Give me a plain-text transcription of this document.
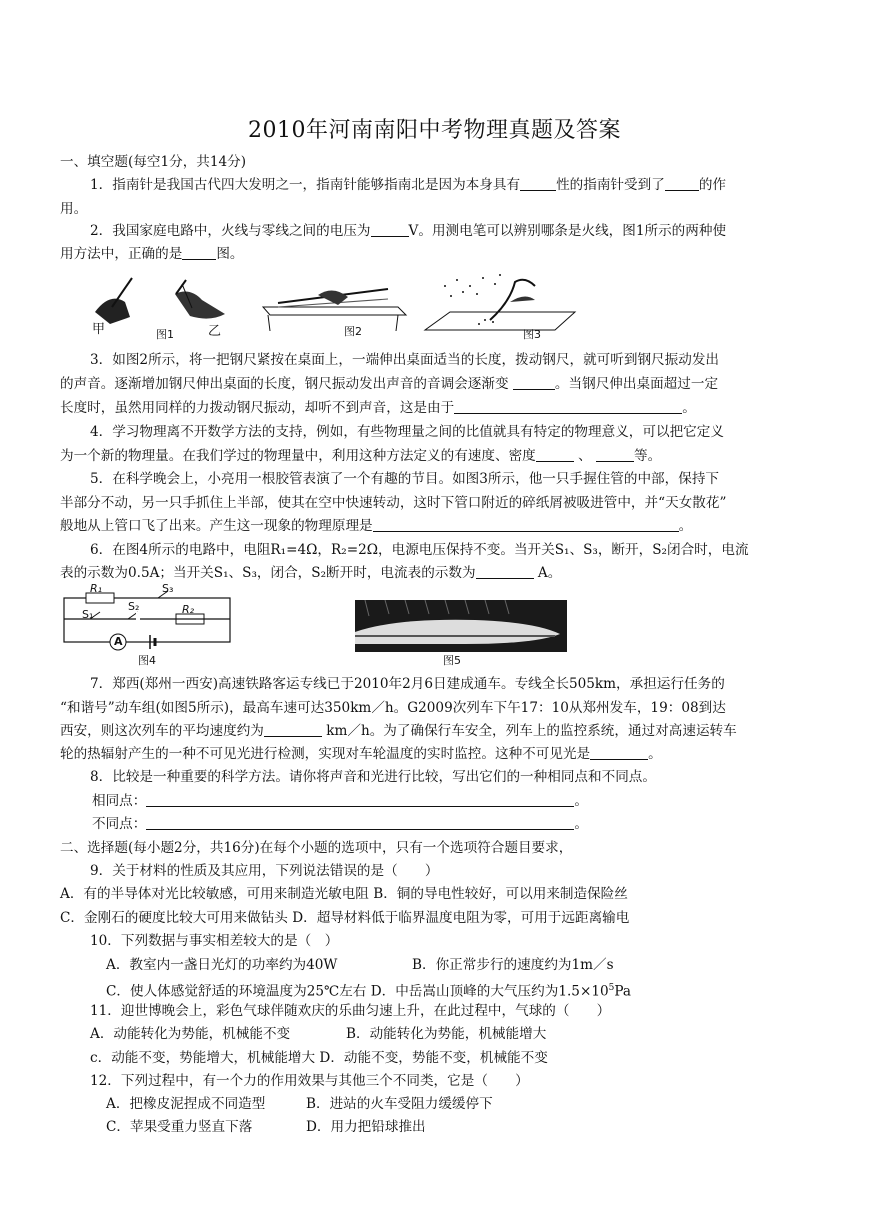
2010年河南南阳中考物理真题及答案
一、填空题(每空1分，共14分)
1．指南针是我国古代四大发明之一，指南针能够指南北是因为本身具有	性的指南针受到了	的作
用。
2．我国家庭电路中，火线与零线之间的电压为	V。用测电笔可以辨别哪条是火线，图1所示的两种使
用方法中，正确的是	图。
甲	乙
图1	图2	图3
3．如图2所示，将一把钢尺紧按在桌面上，一端伸出桌面适当的长度，拨动钢尺，就可听到钢尺振动发出
的声音。逐渐增加钢尺伸出桌面的长度，钢尺振动发出声音的音调会逐渐变	。当钢尺伸出桌面超过一定
长度时，虽然用同样的力拨动钢尺振动，却听不到声音，这是由于	。
4．学习物理离不开数学方法的支持，例如，有些物理量之间的比值就具有特定的物理意义，可以把它定义
为一个新的物理量。在我们学过的物理量中，利用这种方法定义的有速度、密度	、	等。
5．在科学晚会上，小亮用一根胶管表演了一个有趣的节目。如图3所示，他一只手握住管的中部，保持下
半部分不动，另一只手抓住上半部，使其在空中快速转动，这时下管口附近的碎纸屑被吸进管中，并“天女散花”
般地从上管口飞了出来。产生这一现象的物理原理是	。
6．在图4所示的电路中，电阻R₁=4Ω，R₂=2Ω，电源电压保持不变。当开关S₁、S₃，断开，S₂闭合时，电流
表的示数为0.5A；当开关S₁、S₃，闭合，S₂断开时，电流表的示数为	A。
R₁
R₂
S₂
S₃
S₁
A
图4	图5
7．郑西(郑州一西安)高速铁路客运专线已于2010年2月6日建成通车。专线全长505km，承担运行任务的
“和谐号”动车组(如图5所示)，最高车速可达350km／h。G2009次列车下午17：10从郑州发车，19：08到达
西安，则这次列车的平均速度约为	km／h。为了确保行车安全，列车上的监控系统，通过对高速运转车
轮的热辐射产生的一种不可见光进行检测，实现对车轮温度的实时监控。这种不可见光是	。
8．比较是一种重要的科学方法。请你将声音和光进行比较，写出它们的一种相同点和不同点。
相同点：	。
不同点：	。
二、选择题(每小题2分，共16分)在每个小题的选项中，只有一个选项符合题目要求，
9．关于材料的性质及其应用，下列说法错误的是（　　）
A．有的半导体对光比较敏感，可用来制造光敏电阻 B．铜的导电性较好，可以用来制造保险丝
C．金刚石的硬度比较大可用来做钻头 D．超导材料低于临界温度电阻为零，可用于远距离输电
10．下列数据与事实相差较大的是（　）
A．教室内一盏日光灯的功率约为40W	B．你正常步行的速度约为1m／s
C．使人体感觉舒适的环境温度为25℃左右 D．中岳嵩山顶峰的大气压约为$1.5\times 10^5Pa$
11．迎世博晚会上，彩色气球伴随欢庆的乐曲匀速上升，在此过程中，气球的（　　）
A．动能转化为势能，机械能不变	B．动能转化为势能，机械能增大
c．动能不变，势能增大，机械能增大 D．动能不变，势能不变，机械能不变
12．下列过程中，有一个力的作用效果与其他三个不同类，它是（　　）
A．把橡皮泥捏成不同造型	B．进站的火车受阻力缓缓停下
C．苹果受重力竖直下落	D．用力把铅球推出
